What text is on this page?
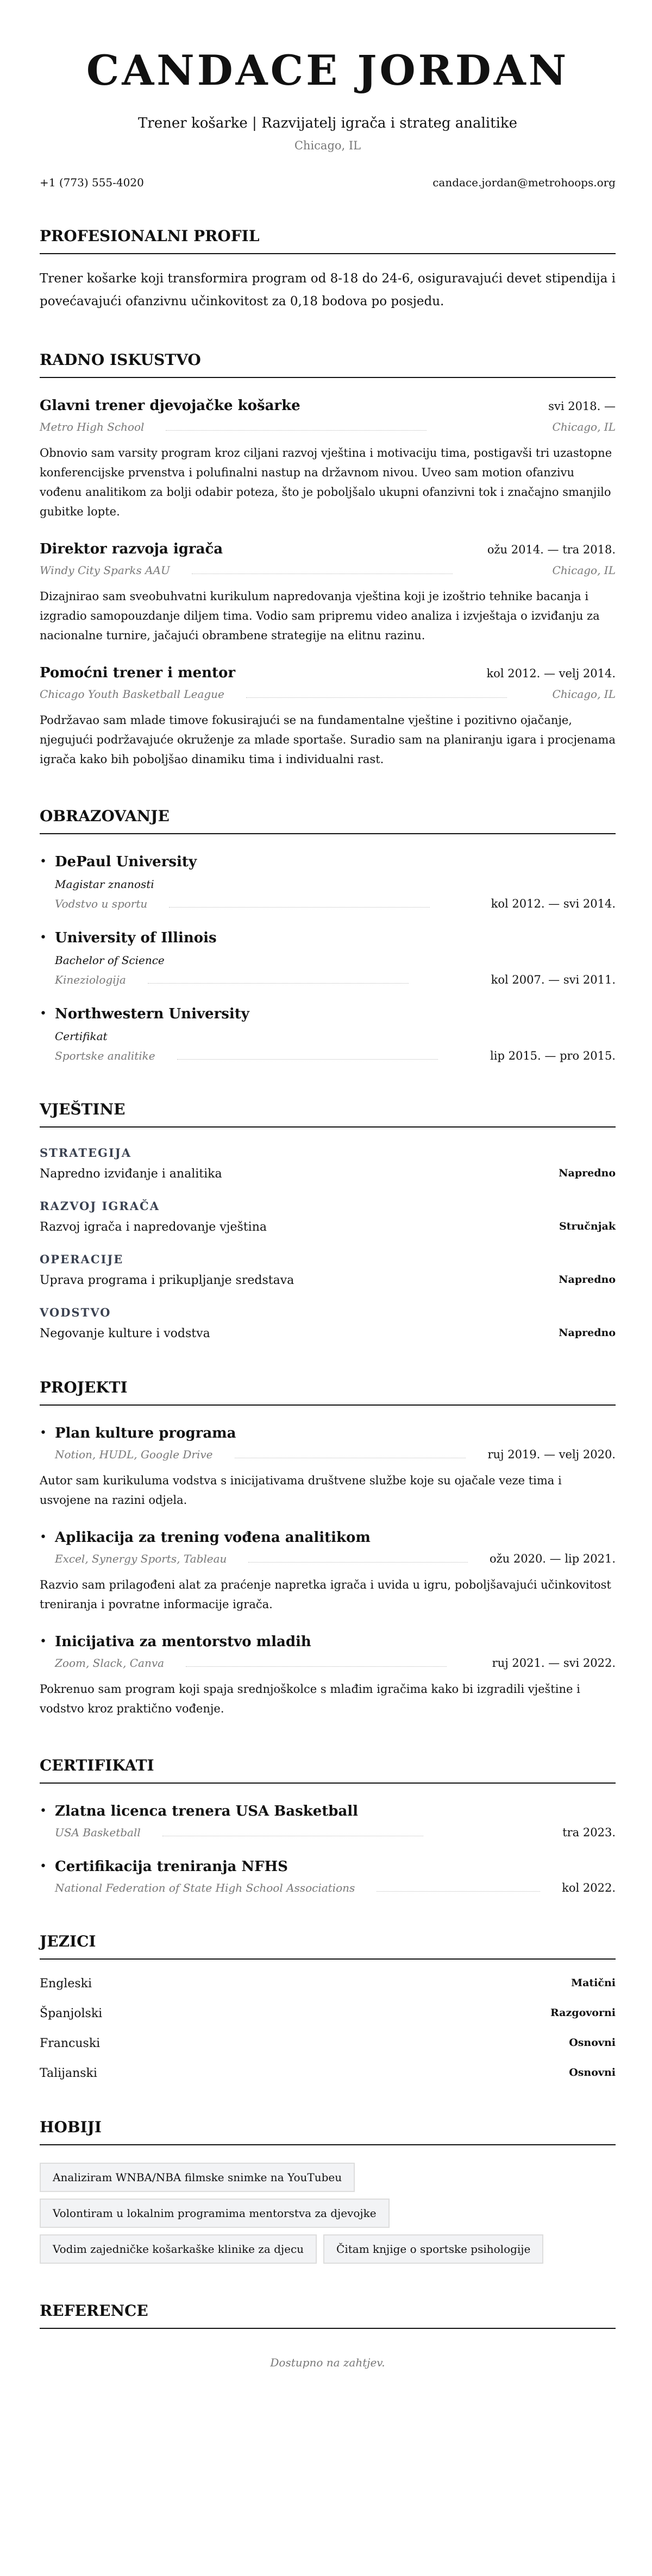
CANDACE JORDAN
Trener košarke | Razvijatelj igrača i strateg analitike
Chicago, IL
+1 (773) 555-4020	candace.jordan@metrohoops.org
PROFESIONALNI PROFIL

Trener košarke koji transformira program od 8-18 do 24-6, osiguravajući devet stipendija i povećavajući ofanzivnu učinkovitost za 0,18 bodova po posjedu.

RADNO ISKUSTVO
Glavni trener djevojačke košarke	svi 2018. —
Metro High School	Chicago, IL

Obnovio sam varsity program kroz ciljani razvoj vještina i motivaciju tima, postigavši tri uzastopne konferencijske prvenstva i polufinalni nastup na državnom nivou. Uveo sam motion ofanzivu vođenu analitikom za bolji odabir poteza, što je poboljšalo ukupni ofanzivni tok i značajno smanjilo gubitke lopte.

Direktor razvoja igrača	ožu 2014. — tra 2018.
Windy City Sparks AAU	Chicago, IL

Dizajnirao sam sveobuhvatni kurikulum napredovanja vještina koji je izoštrio tehnike bacanja i izgradio samopouzdanje diljem tima. Vodio sam pripremu video analiza i izvještaja o izviđanju za nacionalne turnire, jačajući obrambene strategije na elitnu razinu.

Pomoćni trener i mentor	kol 2012. — velj 2014.
Chicago Youth Basketball League	Chicago, IL

Podržavao sam mlade timove fokusirajući se na fundamentalne vještine i pozitivno ojačanje, njegujući podržavajuće okruženje za mlade sportaše. Suradio sam na planiranju igara i procjenama igrača kako bih poboljšao dinamiku tima i individualni rast.

OBRAZOVANJE
• DePaul University
Magistar znanosti
Vodstvo u sportu	kol 2012. — svi 2014.
• University of Illinois
Bachelor of Science
Kineziologija	kol 2007. — svi 2011.
• Northwestern University
Certifikat
Sportske analitike	lip 2015. — pro 2015.
VJEŠTINE
STRATEGIJA
Napredno izviđanje i analitika	Napredno
RAZVOJ IGRAČA
Razvoj igrača i napredovanje vještina	Stručnjak
OPERACIJE
Uprava programa i prikupljanje sredstava	Napredno
VODSTVO
Negovanje kulture i vodstva	Napredno
PROJEKTI
• Plan kulture programa
Notion, HUDL, Google Drive	ruj 2019. — velj 2020.

Autor sam kurikuluma vodstva s inicijativama društvene službe koje su ojačale veze tima i usvojene na razini odjela.

• Aplikacija za trening vođena analitikom
Excel, Synergy Sports, Tableau	ožu 2020. — lip 2021.

Razvio sam prilagođeni alat za praćenje napretka igrača i uvida u igru, poboljšavajući učinkovitost treniranja i povratne informacije igrača.

• Inicijativa za mentorstvo mladih
Zoom, Slack, Canva	ruj 2021. — svi 2022.

Pokrenuo sam program koji spaja srednjoškolce s mlađim igračima kako bi izgradili vještine i vodstvo kroz praktično vođenje.

CERTIFIKATI
• Zlatna licenca trenera USA Basketball
USA Basketball	tra 2023.
• Certifikacija treniranja NFHS
National Federation of State High School Associations	kol 2022.
JEZICI
Engleski	Matični
Španjolski	Razgovorni
Francuski	Osnovni
Talijanski	Osnovni
HOBIJI
Analiziram WNBA/NBA filmske snimke na YouTubeu
Volontiram u lokalnim programima mentorstva za djevojke
Vodim zajedničke košarkaške klinike za djecu	Čitam knjige o sportske psihologije
REFERENCE
Dostupno na zahtjev.
